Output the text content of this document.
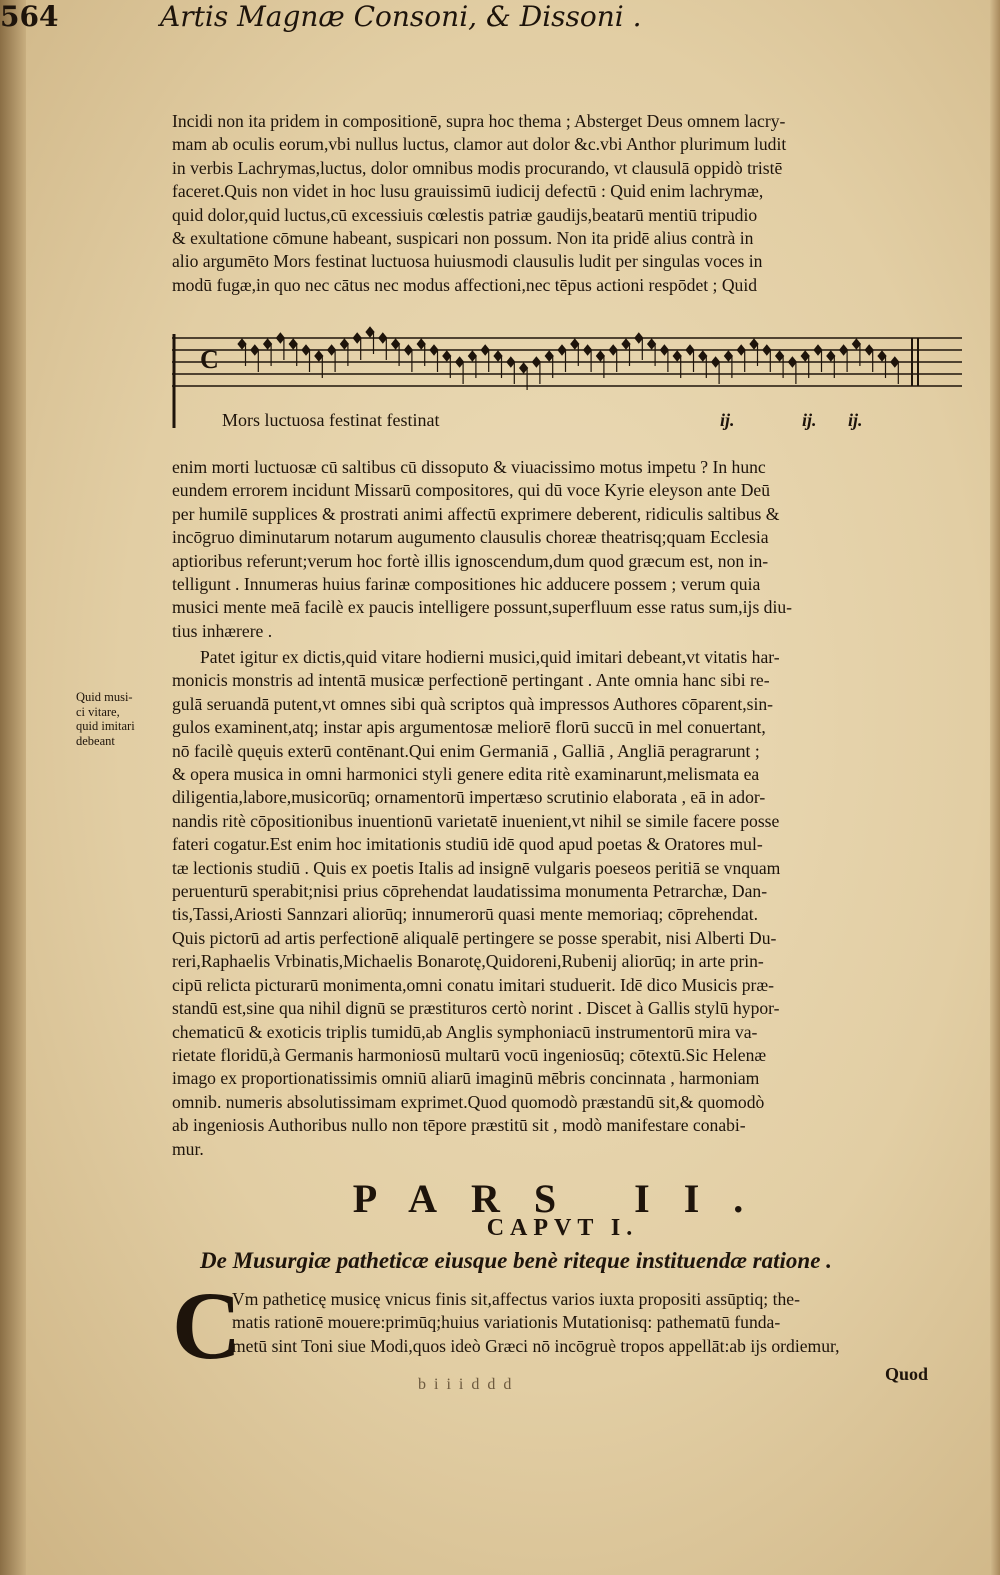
564	Artis Magnæ Consoni, & Dissoni .

Incidi non ita pridem in compositionē, supra hoc thema ; Absterget Deus omnem lacry-

mam ab oculis eorum,vbi nullus luctus, clamor aut dolor &c.vbi Anthor plurimum ludit

in verbis Lachrymas,luctus, dolor omnibus modis procurando, vt clausulā oppidò tristē

faceret.Quis non videt in hoc lusu grauissimū iudicij defectū : Quid enim lachrymæ,

quid dolor,quid luctus,cū excessiuis cœlestis patriæ gaudijs,beatarū mentiū tripudio

& exultatione cōmune habeant, suspicari non possum. Non ita pridē alius contrà in

alio argumēto Mors festinat luctuosa huiusmodi clausulis ludit per singulas voces in

modū fugæ,in quo nec cātus nec modus affectioni,nec tēpus actioni respōdet ; Quid

C
Mors luctuosa festinat festinat	ij.	ij. ij.

enim morti luctuosæ cū saltibus cū dissoputo & viuacissimo motus impetu ? In hunc

eundem errorem incidunt Missarū compositores, qui dū voce Kyrie eleyson ante Deū

per humilē supplices & prostrati animi affectū exprimere deberent, ridiculis saltibus &

incōgruo diminutarum notarum augumento clausulis choreæ theatrisq;quam Ecclesia

aptioribus referunt;verum hoc fortè illis ignoscendum,dum quod græcum est, non in-

telligunt . Innumeras huius farinæ compositiones hic adducere possem ; verum quia

musici mente meā facilè ex paucis intelligere possunt,superfluum esse ratus sum,ijs diu-

tius inhærere .

Quid musi-
ci vitare,
quid imitari
debeant

Patet igitur ex dictis,quid vitare hodierni musici,quid imitari debeant,vt vitatis har-

monicis monstris ad intentā musicæ perfectionē pertingant . Ante omnia hanc sibi re-

gulā seruandā putent,vt omnes sibi quà scriptos quà impressos Authores cōparent,sin-

gulos examinent,atq; instar apis argumentosæ meliorē florū succū in mel conuertant,

nō facilè quęuis exterū contēnant.Qui enim Germaniā , Galliā , Angliā peragrarunt ;

& opera musica in omni harmonici styli genere edita ritè examinarunt,melismata ea

diligentia,labore,musicorūq; ornamentorū impertæso scrutinio elaborata , eā in ador-

nandis ritè cōpositionibus inuentionū varietatē inuenient,vt nihil se simile facere posse

fateri cogatur.Est enim hoc imitationis studiū idē quod apud poetas & Oratores mul-

tæ lectionis studiū . Quis ex poetis Italis ad insignē vulgaris poeseos peritiā se vnquam

peruenturū sperabit;nisi prius cōprehendat laudatissima monumenta Petrarchæ, Dan-

tis,Tassi,Ariosti Sannzari aliorūq; innumerorū quasi mente memoriaq; cōprehendat.

Quis pictorū ad artis perfectionē aliqualē pertingere se posse sperabit, nisi Alberti Du-

reri,Raphaelis Vrbinatis,Michaelis Bonarotę,Quidoreni,Rubenij aliorūq; in arte prin-

cipū relicta picturarū monimenta,omni conatu imitari studuerit. Idē dico Musicis præ-

standū est,sine qua nihil dignū se præstituros certò norint . Discet à Gallis stylū hypor-

chematicū & exoticis triplis tumidū,ab Anglis symphoniacū instrumentorū mira va-

rietate floridū,à Germanis harmoniosū multarū vocū ingeniosūq; cōtextū.Sic Helenæ

imago ex proportionatissimis omniū aliarū imaginū mēbris concinnata , harmoniam

omnib. numeris absolutissimam exprimet.Quod quomodò præstandū sit,& quomodò

ab ingeniosis Authoribus nullo non tēpore præstitū sit , modò manifestare conabi-

mur.

PARS II.
CAPVT I.
De Musurgiæ patheticæ eiusque benè riteque instituendæ ratione .
C

Vm patheticę musicę vnicus finis sit,affectus varios iuxta propositi assūptiq; the-

matis rationē mouere:primūq;huius variationis Mutationisq: pathematū funda-

metū sint Toni siue Modi,quos ideò Græci nō incōgruè tropos appellāt:ab ijs ordiemur,

Quod
b i i i d d d
